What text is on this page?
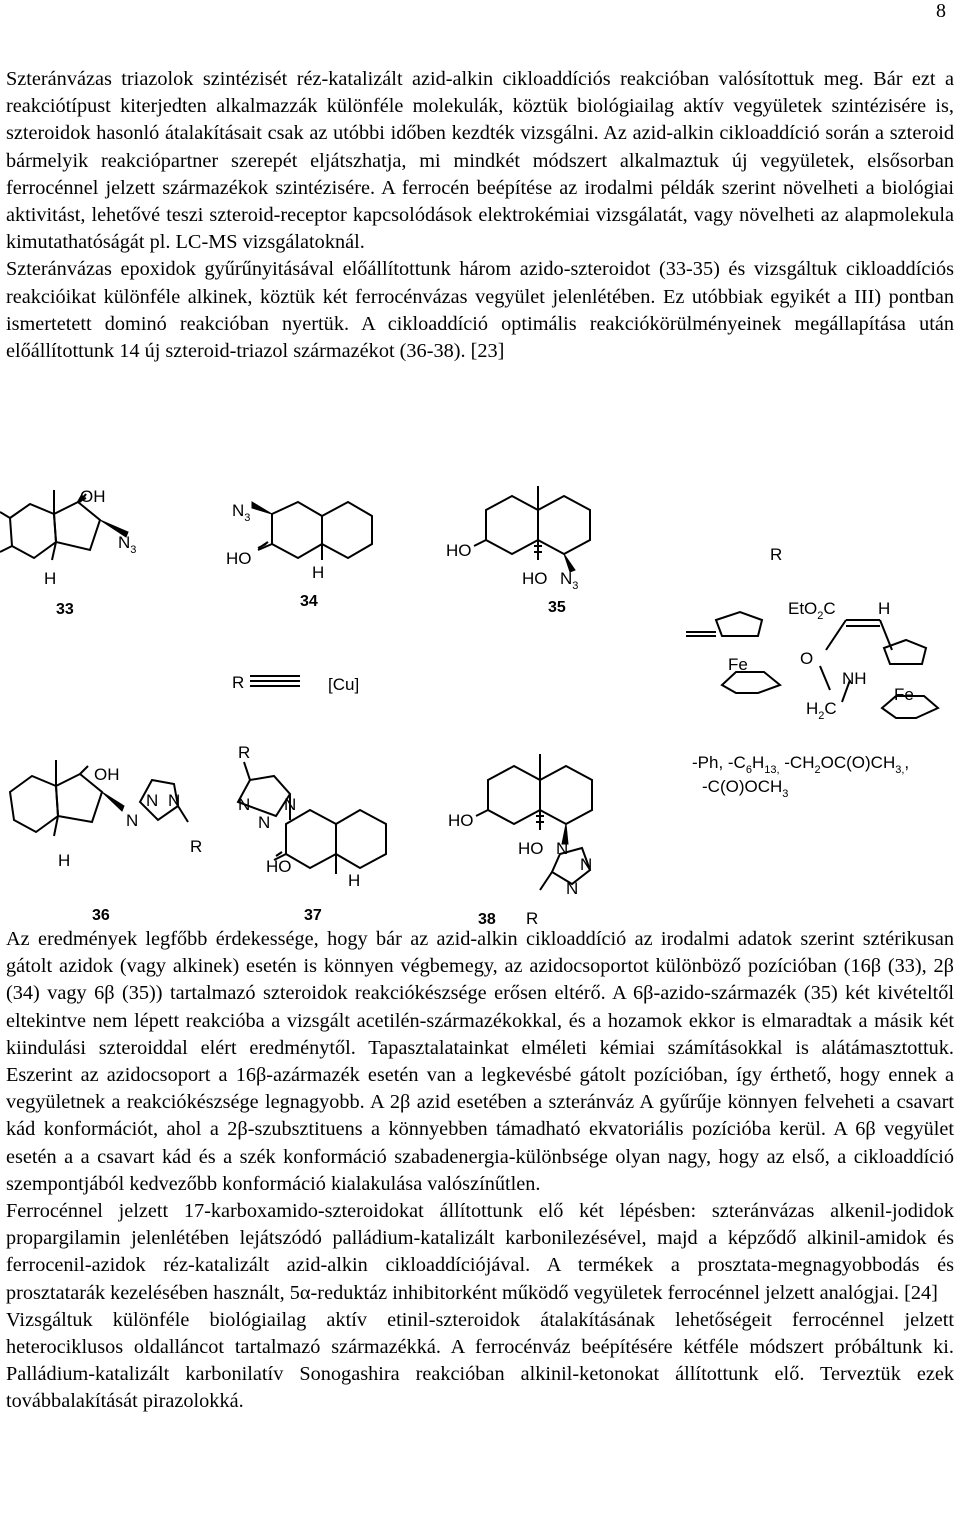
8

Szteránvázas triazolok szintézisét réz-katalizált azid-alkin cikloaddíciós reakcióban valósítottuk meg. Bár ezt a reakciótípust kiterjedten alkalmazzák különféle molekulák, köztük biológiailag aktív vegyületek szintézisére is, szteroidok hasonló átalakításait csak az utóbbi időben kezdték vizsgálni. Az azid-alkin cikloaddíció során a szteroid bármelyik reakciópartner szerepét eljátszhatja, mi mindkét módszert alkalmaztuk új vegyületek, elsősorban ferrocénnel jelzett származékok szintézisére. A ferrocén beépítése az irodalmi példák szerint növelheti a biológiai aktivitást, lehetővé teszi szteroid-receptor kapcsolódások elektrokémiai vizsgálatát, vagy növelheti az alapmolekula kimutathatóságát pl. LC-MS vizsgálatoknál.

Szteránvázas epoxidok gyűrűnyitásával előállítottunk három azido-szteroidot (33-35) és vizsgáltuk cikloaddíciós reakcióikat különféle alkinek, köztük két ferrocénvázas vegyület jelenlétében. Ez utóbbiak egyikét a III) pontban ismertetett dominó reakcióban nyertük. A cikloaddíció optimális reakciókörülményeinek megállapítása után előállítottunk 14 új szteroid-triazol származékot (36-38). [23]

OH
$N_3$
H
33
$N_3$
HO
H
34
HO
HO $N_3$
35
R
R	[Cu]
Fe
EtO$_2$C H
O
NH
Fe
$H_2C$
OH
N
N N
R
H
36
R
N
N
N
HO
H
37
HO
HO N
N
N
R
38
-Ph, $-C_6H_{13,}$ $-CH_2OC(O)CH_{3,}$,
$-C(O)OCH_3$

Az eredmények legfőbb érdekessége, hogy bár az azid-alkin cikloaddíció az irodalmi adatok szerint sztérikusan gátolt azidok (vagy alkinek) esetén is könnyen végbemegy, az azidocsoportot különböző pozícióban (16β (33), 2β (34) vagy 6β (35)) tartalmazó szteroidok reakciókészsége erősen eltérő. A 6β-azido-származék (35) két kivételtől eltekintve nem lépett reakcióba a vizsgált acetilén-származékokkal, és a hozamok ekkor is elmaradtak a másik két kiindulási szteroiddal elért eredménytől. Tapasztalatainkat elméleti kémiai számításokkal is alátámasztottuk. Eszerint az azidocsoport a 16β-azármazék esetén van a legkevésbé gátolt pozícióban, így érthető, hogy ennek a vegyületnek a reakciókészsége legnagyobb. A 2β azid esetében a szteránváz A gyűrűje könnyen felveheti a csavart kád konformációt, ahol a 2β-szubsztituens a könnyebben támadható ekvatoriális pozícióba kerül. A 6β vegyület esetén a a csavart kád és a szék konformáció szabadenergia-különbsége olyan nagy, hogy az első, a cikloaddíció szempontjából kedvezőbb konformáció kialakulása valószínűtlen.

Ferrocénnel jelzett 17-karboxamido-szteroidokat állítottunk elő két lépésben: szteránvázas alkenil-jodidok propargilamin jelenlétében lejátszódó palládium-katalizált karbonilezésével, majd a képződő alkinil-amidok és ferrocenil-azidok réz-katalizált azid-alkin cikloaddíciójával. A termékek a prosztata-megnagyobbodás és prosztatarák kezelésében használt, 5α-reduktáz inhibitorként működő vegyületek ferrocénnel jelzett analógjai. [24]

Vizsgáltuk különféle biológiailag aktív etinil-szteroidok átalakításának lehetőségeit ferrocénnel jelzett heterociklusos oldalláncot tartalmazó származékká. A ferrocénváz beépítésére kétféle módszert próbáltunk ki. Palládium-katalizált karbonilatív Sonogashira reakcióban alkinil-ketonokat állítottunk elő. Terveztük ezek továbbalakítását pirazolokká.
